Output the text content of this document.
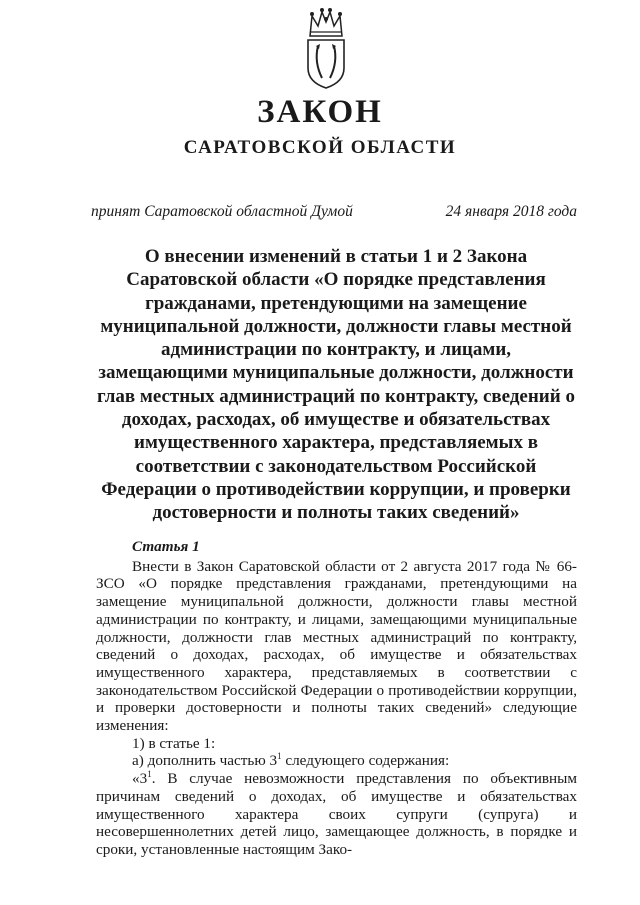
ЗАКОН
САРАТОВСКОЙ ОБЛАСТИ
принят Саратовской областной Думой	24 января 2018 года
О внесении изменений в статьи 1 и 2 Закона Саратовской области «О порядке представления гражданами, претендующими на замещение муниципальной должности, должности главы местной администрации по контракту, и лицами, замещающими муниципальные должности, должности глав местных администраций по контракту, сведений о доходах, расходах, об имуществе и обязательствах имущественного характера, представляемых в соответствии с законодательством Российской Федерации о противодействии коррупции, и проверки достоверности и полноты таких сведений»
Статья 1

Внести в Закон Саратовской области от 2 августа 2017 года № 66-ЗСО «О порядке представления гражданами, претендующими на замещение муниципальной должности, должности главы местной администрации по контракту, и лицами, замещающими муниципальные должности, должности глав местных администраций по контракту, сведений о доходах, расходах, об имуществе и обязательствах имущественного характера, представляемых в соответствии с законодательством Российской Федерации о противодействии коррупции, и проверки достоверности и полноты таких сведений» следующие изменения:

1) в статье 1:

а) дополнить частью $3^1$ следующего содержания:

«$3^1$. В случае невозможности представления по объективным причинам сведений о доходах, об имуществе и обязательствах имущественного характера своих супруги (супруга) и несовершеннолетних детей лицо, замещающее должность, в порядке и сроки, установленные настоящим Зако-
